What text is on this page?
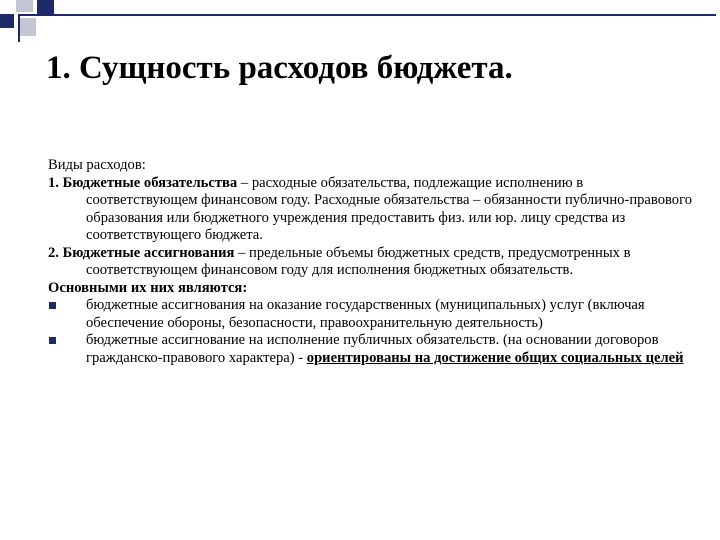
1. Сущность расходов бюджета.

Виды расходов:

1. Бюджетные обязательства – расходные обязательства, подлежащие исполнению в соответствующем финансовом году. Расходные обязательства – обязанности публично-правового образования или бюджетного учреждения предоставить физ. или юр. лицу средства из соответствующего бюджета.

2. Бюджетные ассигнования – предельные объемы бюджетных средств, предусмотренных в соответствующем финансовом году для исполнения бюджетных обязательств.

Основными их них являются:

бюджетные ассигнования на оказание государственных (муниципальных) услуг (включая обеспечение обороны, безопасности, правоохранительную деятельность)
бюджетные ассигнование на исполнение публичных обязательств. (на основании договоров гражданско-правового характера) - ориентированы на достижение общих социальных целей
